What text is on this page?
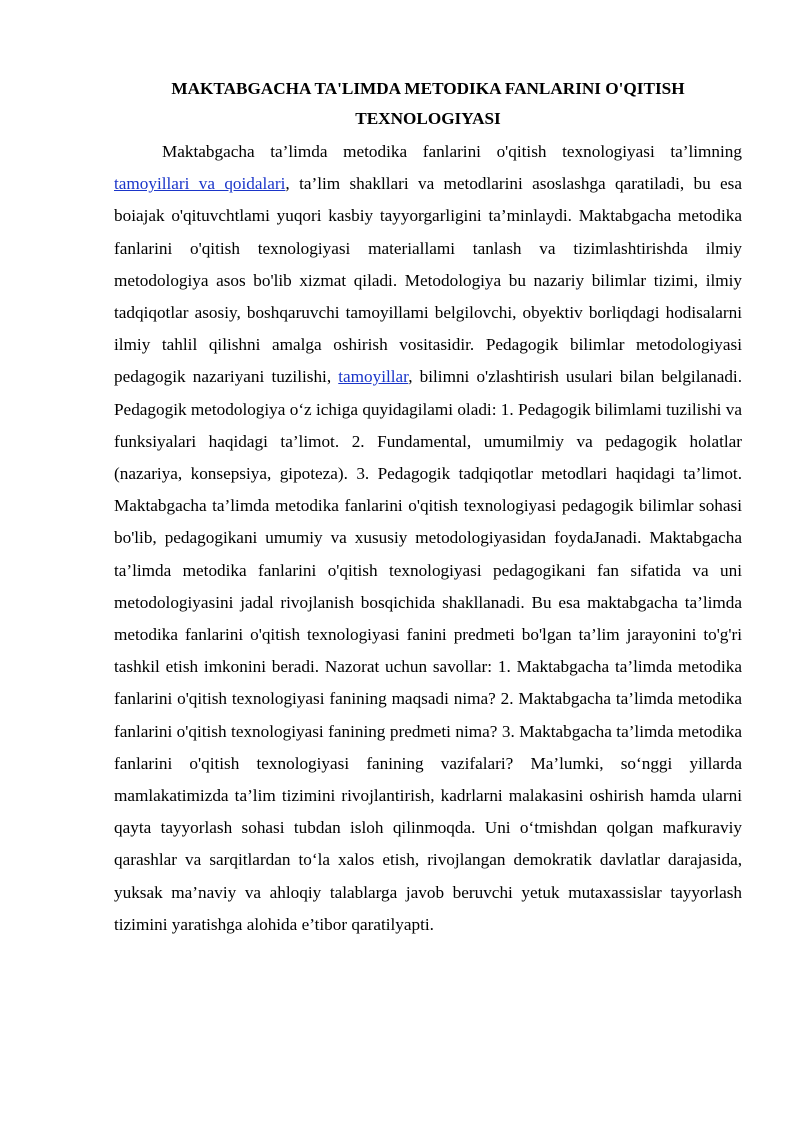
MAKTABGACHA TA'LIMDA METODIKA FANLARINI O'QITISH
TEXNOLOGIYASI

Maktabgacha ta’limda metodika fanlarini o'qitish texnologiyasi ta’limning tamoyillari va qoidalari, ta’lim shakllari va metodlarini asoslashga qaratiladi, bu esa boiajak o'qituvchtlami yuqori kasbiy tayyorgarligini ta’minlaydi. Maktabgacha metodika fanlarini o'qitish texnologiyasi materiallami tanlash va tizimlashtirishda ilmiy metodologiya asos bo'lib xizmat qiladi. Metodologiya bu nazariy bilimlar tizimi, ilmiy tadqiqotlar asosiy, boshqaruvchi tamoyillami belgilovchi, obyektiv borliqdagi hodisalarni ilmiy tahlil qilishni amalga oshirish vositasidir. Pedagogik bilimlar metodologiyasi pedagogik nazariyani tuzilishi, tamoyillar, bilimni o'zlashtirish usulari bilan belgilanadi. Pedagogik metodologiya o‘z ichiga quyidagilami oladi: 1. Pedagogik bilimlami tuzilishi va funksiyalari haqidagi ta’limot. 2. Fundamental, umumilmiy va pedagogik holatlar (nazariya, konsepsiya, gipoteza). 3. Pedagogik tadqiqotlar metodlari haqidagi ta’limot. Maktabgacha ta’limda metodika fanlarini o'qitish texnologiyasi pedagogik bilimlar sohasi bo'lib, pedagogikani umumiy va xususiy metodologiyasidan foydaJanadi. Maktabgacha ta’limda metodika fanlarini o'qitish texnologiyasi pedagogikani fan sifatida va uni metodologiyasini jadal rivojlanish bosqichida shakllanadi. Bu esa maktabgacha ta’limda metodika fanlarini o'qitish texnologiyasi fanini predmeti bo'lgan ta’lim jarayonini to'g'ri tashkil etish imkonini beradi. Nazorat uchun savollar: 1. Maktabgacha ta’limda metodika fanlarini o'qitish texnologiyasi fanining maqsadi nima? 2. Maktabgacha ta’limda metodika fanlarini o'qitish texnologiyasi fanining predmeti nima? 3. Maktabgacha ta’limda metodika fanlarini o'qitish texnologiyasi fanining vazifalari? Ma’lumki, so‘nggi yillarda mamlakatimizda ta’lim tizimini rivojlantirish, kadrlarni malakasini oshirish hamda ularni qayta tayyorlash sohasi tubdan isloh qilinmoqda. Uni o‘tmishdan qolgan mafkuraviy qarashlar va sarqitlardan to‘la xalos etish, rivojlangan demokratik davlatlar darajasida, yuksak ma’naviy va ahloqiy talablarga javob beruvchi yetuk mutaxassislar tayyorlash tizimini yaratishga alohida e’tibor qaratilyapti.
